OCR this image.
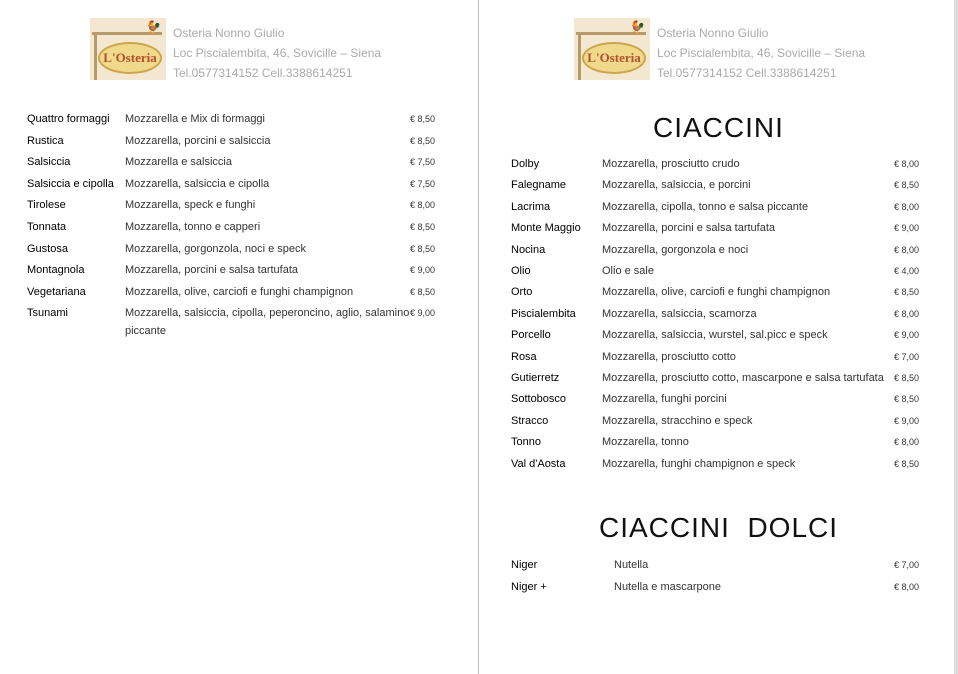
🐓
L'Osteria
Osteria Nonno Giulio
Loc Piscialembita, 46, Sovicille – Siena
Tel.0577314152 Cell.3388614251
Quattro formaggi Mozzarella e Mix di formaggi	€ 8,50
Rustica	Mozzarella, porcini e salsiccia	€ 8,50
Salsiccia	Mozzarella e salsiccia	€ 7,50
Salsiccia e cipolla Mozzarella, salsiccia e cipolla	€ 7,50
Tirolese	Mozzarella, speck e funghi	€ 8,00
Tonnata	Mozzarella, tonno e capperi	€ 8,50
Gustosa	Mozzarella, gorgonzola, noci e speck	€ 8,50
Montagnola	Mozzarella, porcini e salsa tartufata	€ 9,00
Vegetariana	Mozzarella, olive, carciofi e funghi champignon	€ 8,50
Tsunami	Mozzarella, salsiccia, cipolla, peperoncino, aglio, salamino
piccante
€ 9,00
🐓
L'Osteria
Osteria Nonno Giulio
Loc Piscialembita, 46, Sovicille – Siena
Tel.0577314152 Cell.3388614251
CIACCINI
Dolby	Mozzarella, prosciutto crudo	€ 8,00
Falegname	Mozzarella, salsiccia, e porcini	€ 8,50
Lacrima	Mozzarella, cipolla, tonno e salsa piccante	€ 8,00
Monte Maggio Mozzarella, porcini e salsa tartufata	€ 9,00
Nocina	Mozzarella, gorgonzola e noci	€ 8,00
Olio	Olio e sale	€ 4,00
Orto	Mozzarella, olive, carciofi e funghi champignon	€ 8,50
Piscialembita Mozzarella, salsiccia, scamorza	€ 8,00
Porcello	Mozzarella, salsiccia, wurstel, sal.picc e speck	€ 9,00
Rosa	Mozzarella, prosciutto cotto	€ 7,00
Gutierretz	Mozzarella, prosciutto cotto, mascarpone e salsa tartufata € 8,50
Sottobosco	Mozzarella, funghi porcini	€ 8,50
Stracco	Mozzarella, stracchino e speck	€ 9,00
Tonno	Mozzarella, tonno	€ 8,00
Val d'Aosta	Mozzarella, funghi champignon e speck	€ 8,50
CIACCINI  DOLCI
Niger	Nutella	€ 7,00
Niger +	Nutella e mascarpone	€ 8,00
